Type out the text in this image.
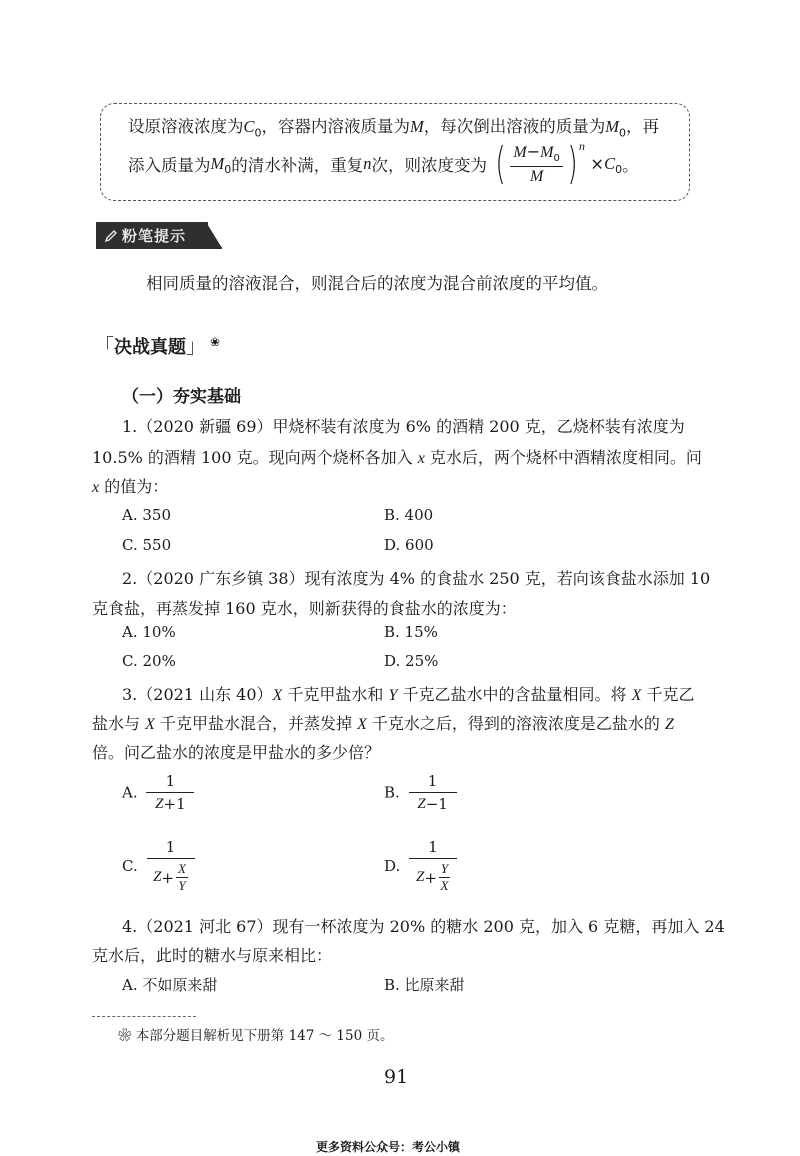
设原溶液浓度为$C_0$，容器内溶液质量为M，每次倒出溶液的质量为$M_0$，再
添入质量为$M_0$的清水补满，重复n次，则浓度变为 ( $\frac{M-M_0}{M}$ ) n
$\times C_0$。
粉笔提示
相同质量的溶液混合，则混合后的浓度为混合前浓度的平均值。
「决战真题」 ❀
（一）夯实基础
1.（2020 新疆 69）甲烧杯装有浓度为 6% 的酒精 200 克，乙烧杯装有浓度为
10.5% 的酒精 100 克。现向两个烧杯各加入 x 克水后，两个烧杯中酒精浓度相同。问
x 的值为：
A. 350	B. 400
C. 550	D. 600
2.（2020 广东乡镇 38）现有浓度为 4% 的食盐水 250 克，若向该食盐水添加 10
克食盐，再蒸发掉 160 克水，则新获得的食盐水的浓度为：
A. 10%	B. 15%
C. 20%	D. 25%
3.（2021 山东 40）X 千克甲盐水和 Y 千克乙盐水中的含盐量相同。将 X 千克乙
盐水与 X 千克甲盐水混合，并蒸发掉 X 千克水之后，得到的溶液浓度是乙盐水的 Z
倍。问乙盐水的浓度是甲盐水的多少倍？
A. $\frac{1}{Z +1}$	B. $\frac{1}{Z -1}$
C. $\frac{1}{Z + \frac{X}{Y}}$	D. $\frac{1}{Z + \frac{Y}{X}}$
4.（2021 河北 67）现有一杯浓度为 20% 的糖水 200 克，加入 6 克糖，再加入 24
克水后，此时的糖水与原来相比：
A. 不如原来甜	B. 比原来甜
❀ 本部分题目解析见下册第 147 ～ 150 页。
91
更多资料公众号：考公小镇
